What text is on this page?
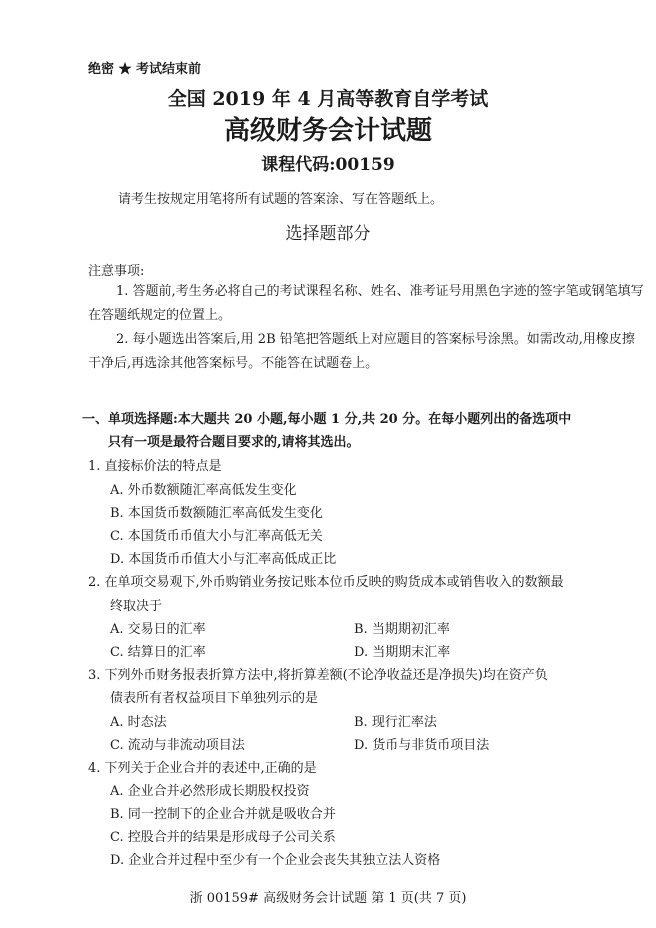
绝密 ★ 考试结束前
全国 2019 年 4 月高等教育自学考试
高级财务会计试题
课程代码:00159
请考生按规定用笔将所有试题的答案涂、写在答题纸上。
选择题部分
注意事项:
1. 答题前,考生务必将自己的考试课程名称、姓名、准考证号用黑色字迹的签字笔或钢笔填写在答题纸规定的位置上。
2. 每小题选出答案后,用 2B 铅笔把答题纸上对应题目的答案标号涂黑。如需改动,用橡皮擦干净后,再选涂其他答案标号。不能答在试题卷上。
一、单项选择题:本大题共 20 小题,每小题 1 分,共 20 分。在每小题列出的备选项中
只有一项是最符合题目要求的,请将其选出。
1. 直接标价法的特点是
A. 外币数额随汇率高低发生变化
B. 本国货币数额随汇率高低发生变化
C. 本国货币币值大小与汇率高低无关
D. 本国货币币值大小与汇率高低成正比
2. 在单项交易观下,外币购销业务按记账本位币反映的购货成本或销售收入的数额最
终取决于
A. 交易日的汇率	B. 当期期初汇率
C. 结算日的汇率	D. 当期期末汇率
3. 下列外币财务报表折算方法中,将折算差额(不论净收益还是净损失)均在资产负
债表所有者权益项目下单独列示的是
A. 时态法	B. 现行汇率法
C. 流动与非流动项目法	D. 货币与非货币项目法
4. 下列关于企业合并的表述中,正确的是
A. 企业合并必然形成长期股权投资
B. 同一控制下的企业合并就是吸收合并
C. 控股合并的结果是形成母子公司关系
D. 企业合并过程中至少有一个企业会丧失其独立法人资格
浙 00159# 高级财务会计试题 第 1 页(共 7 页)
